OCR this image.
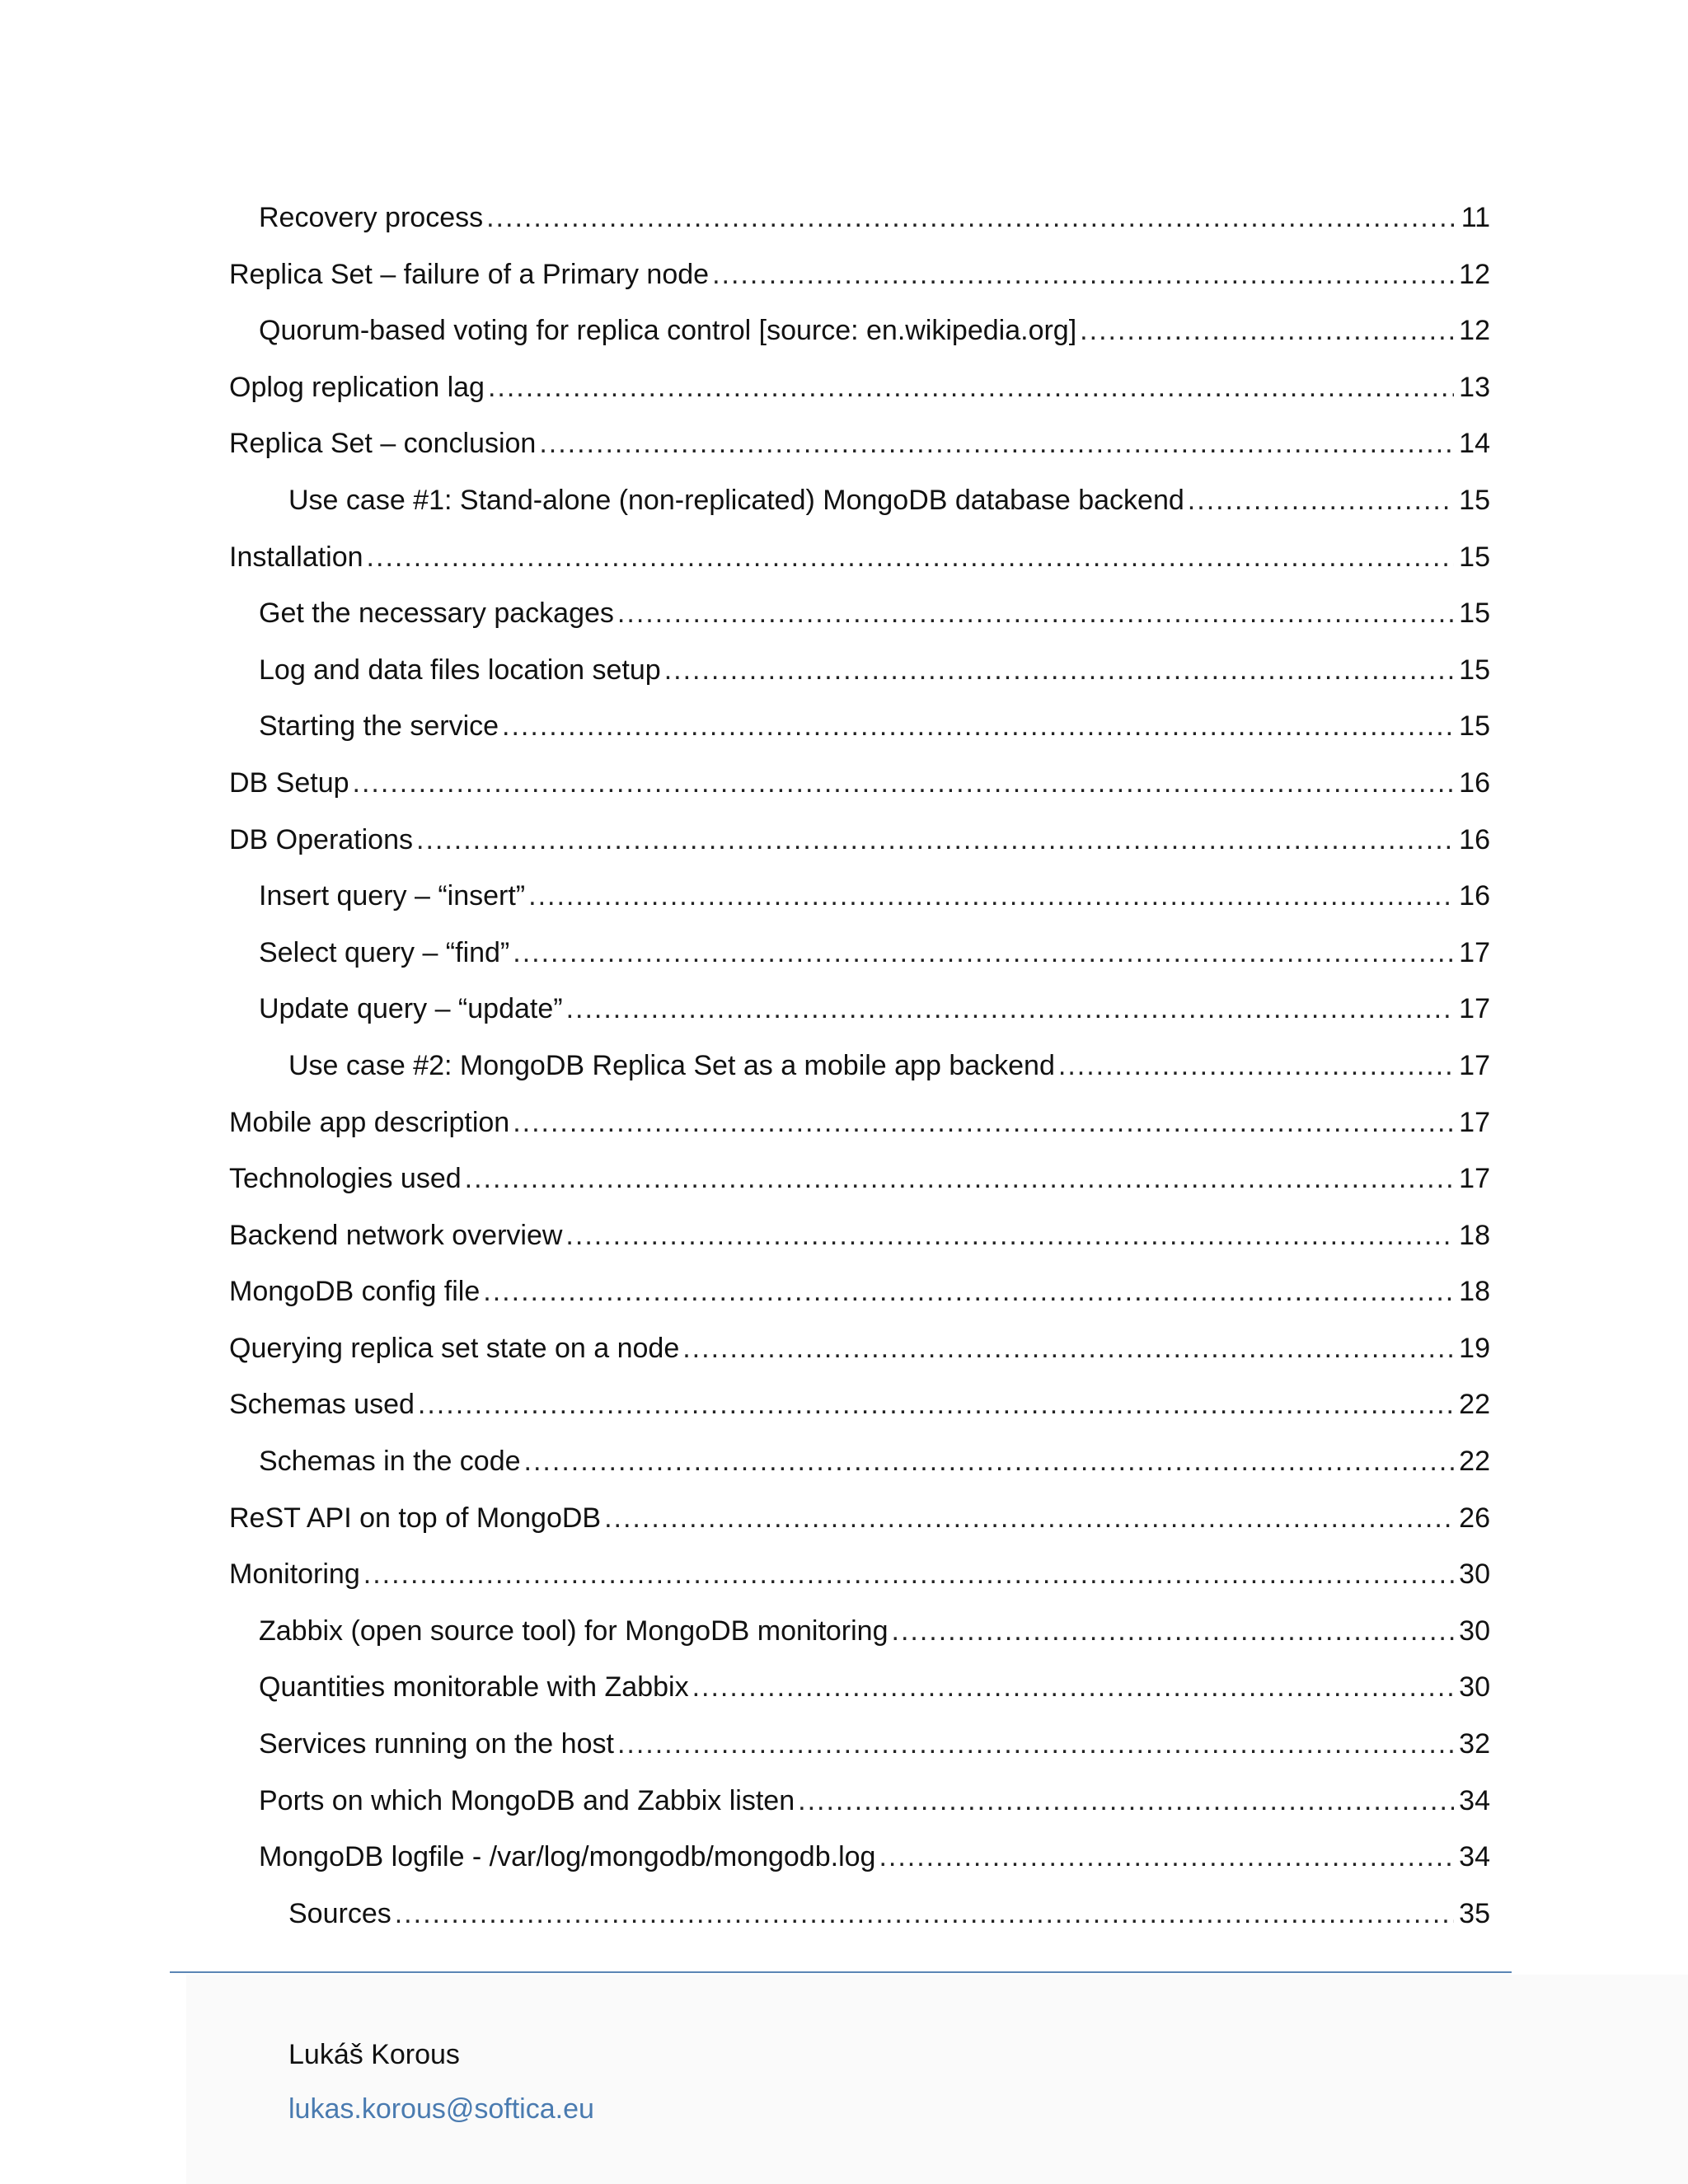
Recovery process .....	11
Replica Set – failure of a Primary node .....	12
Quorum-based voting for replica control [source: en.wikipedia.org] .....	12
Oplog replication lag .....	13
Replica Set – conclusion .....	14
Use case #1: Stand-alone (non-replicated) MongoDB database backend .....	15
Installation .....	15
Get the necessary packages .....	15
Log and data files location setup .....	15
Starting the service .....	15
DB Setup .....	16
DB Operations .....	16
Insert query – “insert” .....	16
Select query – “find” .....	17
Update query – “update” .....	17
Use case #2: MongoDB Replica Set as a mobile app backend .....	17
Mobile app description .....	17
Technologies used .....	17
Backend network overview .....	18
MongoDB config file .....	18
Querying replica set state on a node .....	19
Schemas used .....	22
Schemas in the code .....	22
ReST API on top of MongoDB .....	26
Monitoring .....	30
Zabbix (open source tool) for MongoDB monitoring .....	30
Quantities monitorable with Zabbix .....	30
Services running on the host .....	32
Ports on which MongoDB and Zabbix listen .....	34
MongoDB logfile - /var/log/mongodb/mongodb.log .....	34
Sources .....	35
Lukáš Korous
lukas.korous@softica.eu
